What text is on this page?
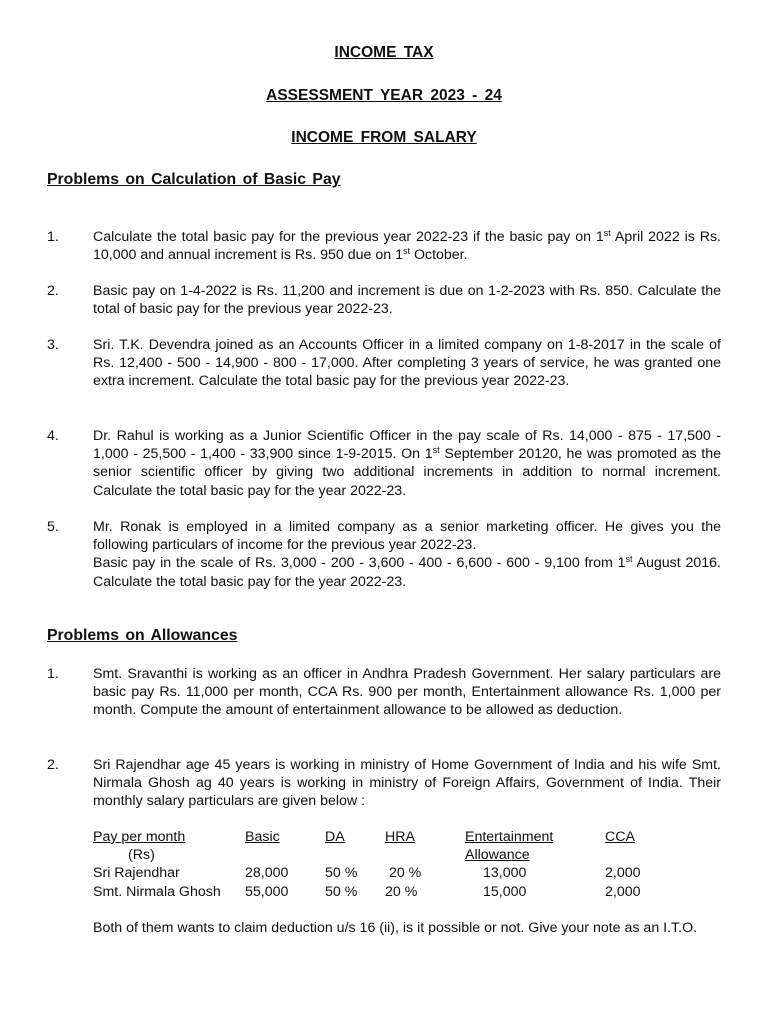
INCOME TAX
ASSESSMENT YEAR 2023 - 24
INCOME FROM SALARY
Problems on Calculation of Basic Pay
1.	Calculate the total basic pay for the previous year 2022-23 if the basic pay on 1st April 2022 is Rs. 10,000 and annual increment is Rs. 950 due on 1st October.

2.	Basic pay on 1-4-2022 is Rs. 11,200 and increment is due on 1-2-2023 with Rs. 850. Calculate the total of basic pay for the previous year 2022-23.

3.	Sri. T.K. Devendra joined as an Accounts Officer in a limited company on 1-8-2017 in the scale of Rs. 12,400 - 500 - 14,900 - 800 - 17,000. After completing 3 years of service, he was granted one extra increment. Calculate the total basic pay for the previous year 2022-23.

4.	Dr. Rahul is working as a Junior Scientific Officer in the pay scale of Rs. 14,000 - 875 - 17,500 - 1,000 - 25,500 - 1,400 - 33,900 since 1-9-2015. On 1st September 20120, he was promoted as the senior scientific officer by giving two additional increments in addition to normal increment. Calculate the total basic pay for the year 2022-23.

5.	Mr. Ronak is employed in a limited company as a senior marketing officer. He gives you the following particulars of income for the previous year 2022-23.

Basic pay in the scale of Rs. 3,000 - 200 - 3,600 - 400 - 6,600 - 600 - 9,100 from 1st August 2016. Calculate the total basic pay for the year 2022-23.

Problems on Allowances
1.	Smt. Sravanthi is working as an officer in Andhra Pradesh Government. Her salary particulars are basic pay Rs. 11,000 per month, CCA Rs. 900 per month, Entertainment allowance Rs. 1,000 per month. Compute the amount of entertainment allowance to be allowed as deduction.

2.	Sri Rajendhar age 45 years is working in ministry of Home Government of India and his wife Smt. Nirmala Ghosh ag 40 years is working in ministry of Foreign Affairs, Government of India. Their monthly salary particulars are given below :

Pay per month	Basic	DA	HRA	Entertainment	CCA
(Rs)				Allowance	
Sri Rajendhar	28,000	50 %	20 %	13,000	2,000
Smt. Nirmala Ghosh	55,000	50 %	20 %	15,000	2,000

Both of them wants to claim deduction u/s 16 (ii), is it possible or not. Give your note as an I.T.O.
